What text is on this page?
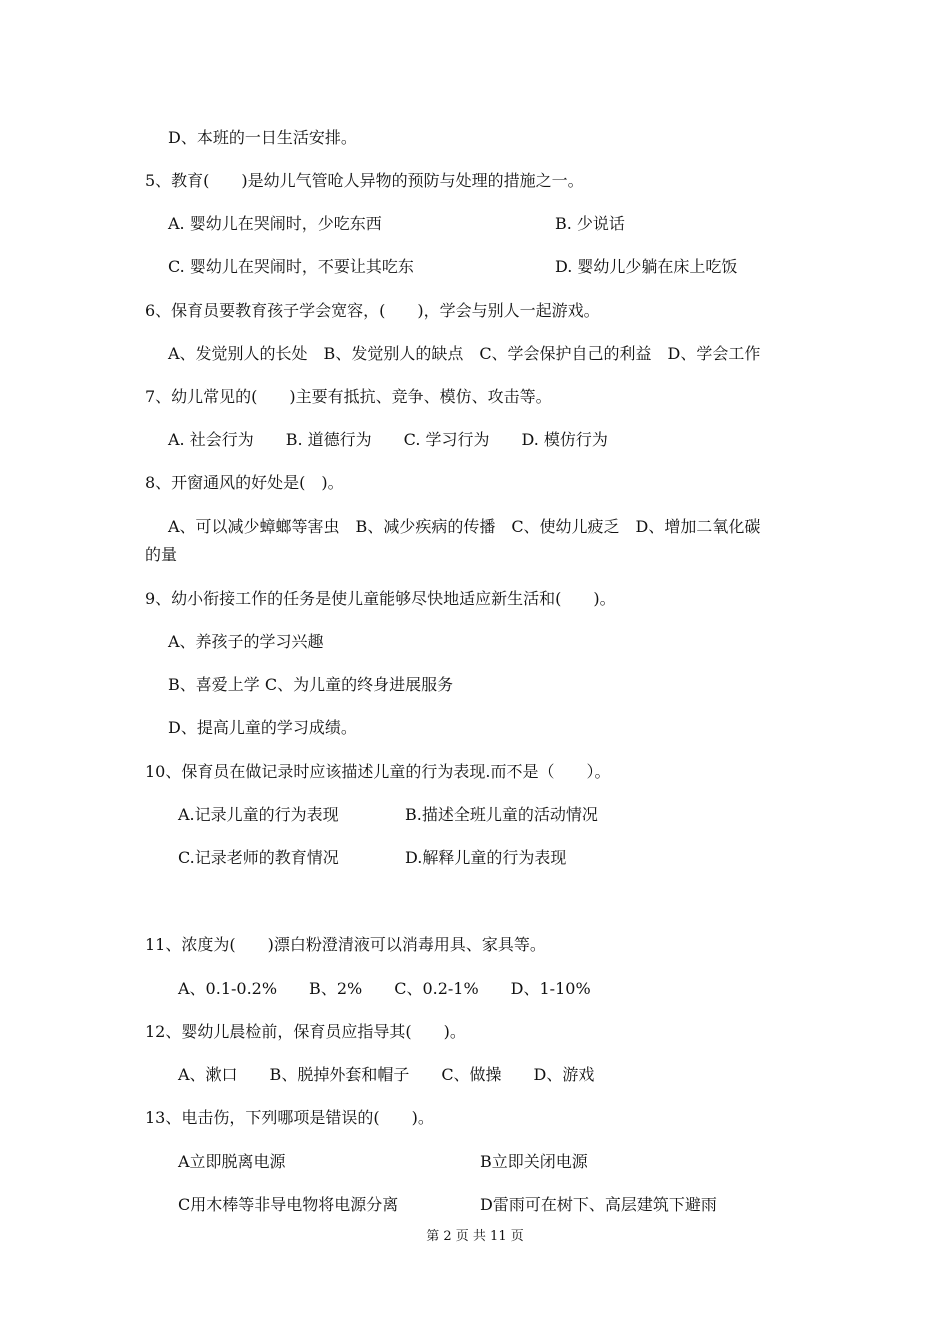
D、本班的一日生活安排。

5、教育(　　)是幼儿气管呛人异物的预防与处理的措施之一。

A. 婴幼儿在哭闹时，少吃东西	B. 少说话

C. 婴幼儿在哭闹时，不要让其吃东	D. 婴幼儿少躺在床上吃饭

6、保育员要教育孩子学会宽容，(　　)，学会与别人一起游戏。

A、发觉别人的长处　B、发觉别人的缺点　C、学会保护自己的利益　D、学会工作

7、幼儿常见的(　　)主要有抵抗、竞争、模仿、攻击等。

A. 社会行为　　B. 道德行为　　C. 学习行为　　D. 模仿行为

8、开窗通风的好处是(　)。

A、可以减少蟑螂等害虫　B、减少疾病的传播　C、使幼儿疲乏　D、增加二氧化碳

的量

9、幼小衔接工作的任务是使儿童能够尽快地适应新生活和(　　)。

A、养孩子的学习兴趣

B、喜爱上学 C、为儿童的终身进展服务

D、提高儿童的学习成绩。

10、保育员在做记录时应该描述儿童的行为表现.而不是（　　）。

A.记录儿童的行为表现	B.描述全班儿童的活动情况

C.记录老师的教育情况	D.解释儿童的行为表现

11、浓度为(　　)漂白粉澄清液可以消毒用具、家具等。

A、0.1-0.2%　　B、2%　　C、0.2-1%　　D、1-10%

12、婴幼儿晨检前，保育员应指导其(　　)。

A、漱口　　B、脱掉外套和帽子　　C、做操　　D、游戏

13、电击伤，下列哪项是错误的(　　)。

A立即脱离电源	B立即关闭电源

C用木棒等非导电物将电源分离	D雷雨可在树下、高层建筑下避雨

第 2 页 共 11 页
